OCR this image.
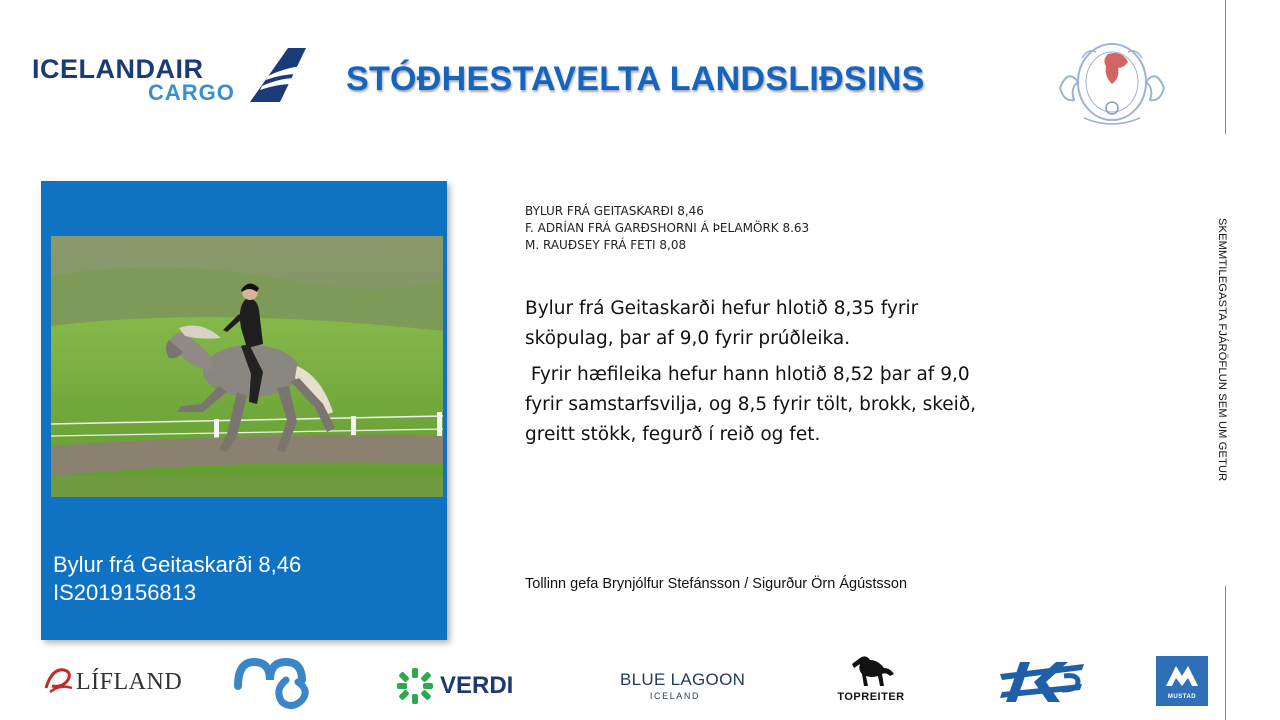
ICELANDAIR
CARGO	STÓÐHESTAVELTA LANDSLIÐSINS
Bylur frá Geitaskarði 8,46
IS2019156813
BYLUR FRÁ GEITASKARÐI 8,46
F. ADRÍAN FRÁ GARÐSHORNI Á ÞELAMÖRK 8.63
M. RAUÐSEY FRÁ FETI 8,08

Bylur frá Geitaskarði hefur hlotið 8,35 fyrir sköpulag, þar af 9,0 fyrir prúðleika.

Fyrir hæfileika hefur hann hlotið 8,52 þar af 9,0 fyrir samstarfsvilja, og 8,5 fyrir tölt, brokk, skeið, greitt stökk, fegurð í reið og fet.

Tollinn gefa Brynjólfur Stefánsson / Sigurður Örn Ágústsson
SKEMMTILEGASTA FJÁRÖFLUN SEM UM GETUR
LÍFLAND	VERDI	BLUE LAGOON
ICELAND	TOPREITER	MUSTAD
